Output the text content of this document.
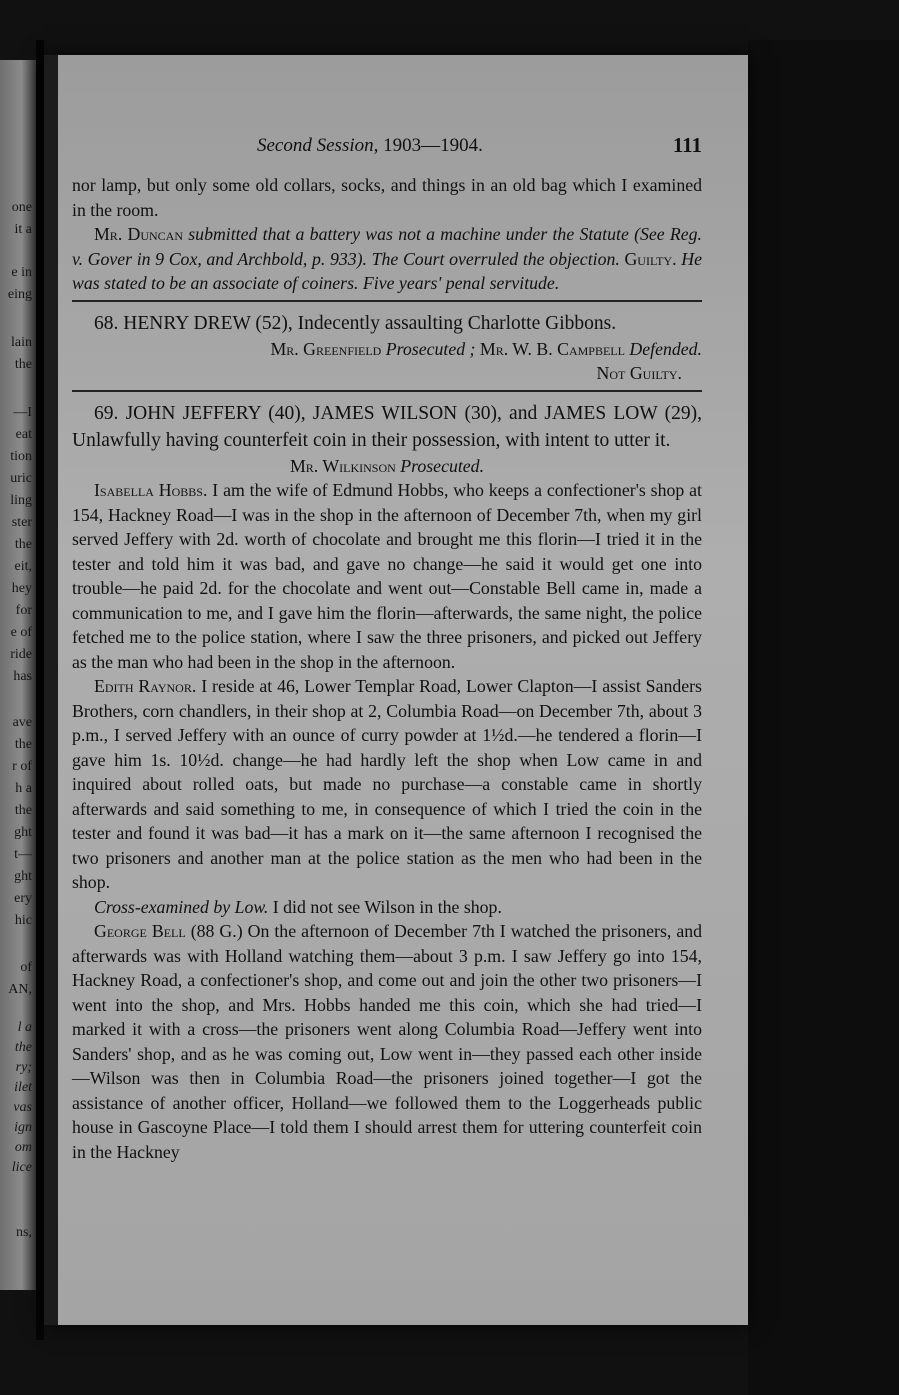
one
it a
e in
eing
lain
the
—I
eat
tion
uric
ling
ster
the
eit,
hey
for
e of
ride
has
ave
the
r of
h a
the
ght
t—
ght
ery
hic
of
AN,
l a
the
ry;
ilet
vas
ign
om
lice
ns,
Second Session, 1903—1904.	111

nor lamp, but only some old collars, socks, and things in an old bag which I examined in the room.

Mr. Duncan submitted that a battery was not a machine under the Statute (See Reg. v. Gover in 9 Cox, and Archbold, p. 933). The Court overruled the objection. Guilty. He was stated to be an associate of coiners. Five years' penal servitude.

68. HENRY DREW (52), Indecently assaulting Charlotte Gibbons.

Mr. Greenfield Prosecuted ; Mr. W. B. Campbell Defended.

Not Guilty.

69. JOHN JEFFERY (40), JAMES WILSON (30), and JAMES LOW (29), Unlawfully having counterfeit coin in their possession, with intent to utter it.

Mr. Wilkinson Prosecuted.

Isabella Hobbs. I am the wife of Edmund Hobbs, who keeps a confectioner's shop at 154, Hackney Road—I was in the shop in the afternoon of December 7th, when my girl served Jeffery with 2d. worth of chocolate and brought me this florin—I tried it in the tester and told him it was bad, and gave no change—he said it would get one into trouble—he paid 2d. for the chocolate and went out—Constable Bell came in, made a communication to me, and I gave him the florin—afterwards, the same night, the police fetched me to the police station, where I saw the three prisoners, and picked out Jeffery as the man who had been in the shop in the afternoon.

Edith Raynor. I reside at 46, Lower Templar Road, Lower Clapton—I assist Sanders Brothers, corn chandlers, in their shop at 2, Columbia Road—on December 7th, about 3 p.m., I served Jeffery with an ounce of curry powder at 1½d.—he tendered a florin—I gave him 1s. 10½d. change—he had hardly left the shop when Low came in and inquired about rolled oats, but made no purchase—a constable came in shortly afterwards and said something to me, in consequence of which I tried the coin in the tester and found it was bad—it has a mark on it—the same afternoon I recognised the two prisoners and another man at the police station as the men who had been in the shop.

Cross-examined by Low. I did not see Wilson in the shop.

George Bell (88 G.) On the afternoon of December 7th I watched the prisoners, and afterwards was with Holland watching them—about 3 p.m. I saw Jeffery go into 154, Hackney Road, a confectioner's shop, and come out and join the other two prisoners—I went into the shop, and Mrs. Hobbs handed me this coin, which she had tried—I marked it with a cross—the prisoners went along Columbia Road—Jeffery went into Sanders' shop, and as he was coming out, Low went in—they passed each other inside—Wilson was then in Columbia Road—the prisoners joined together—I got the assistance of another officer, Holland—we followed them to the Loggerheads public house in Gascoyne Place—I told them I should arrest them for uttering counterfeit coin in the Hackney
